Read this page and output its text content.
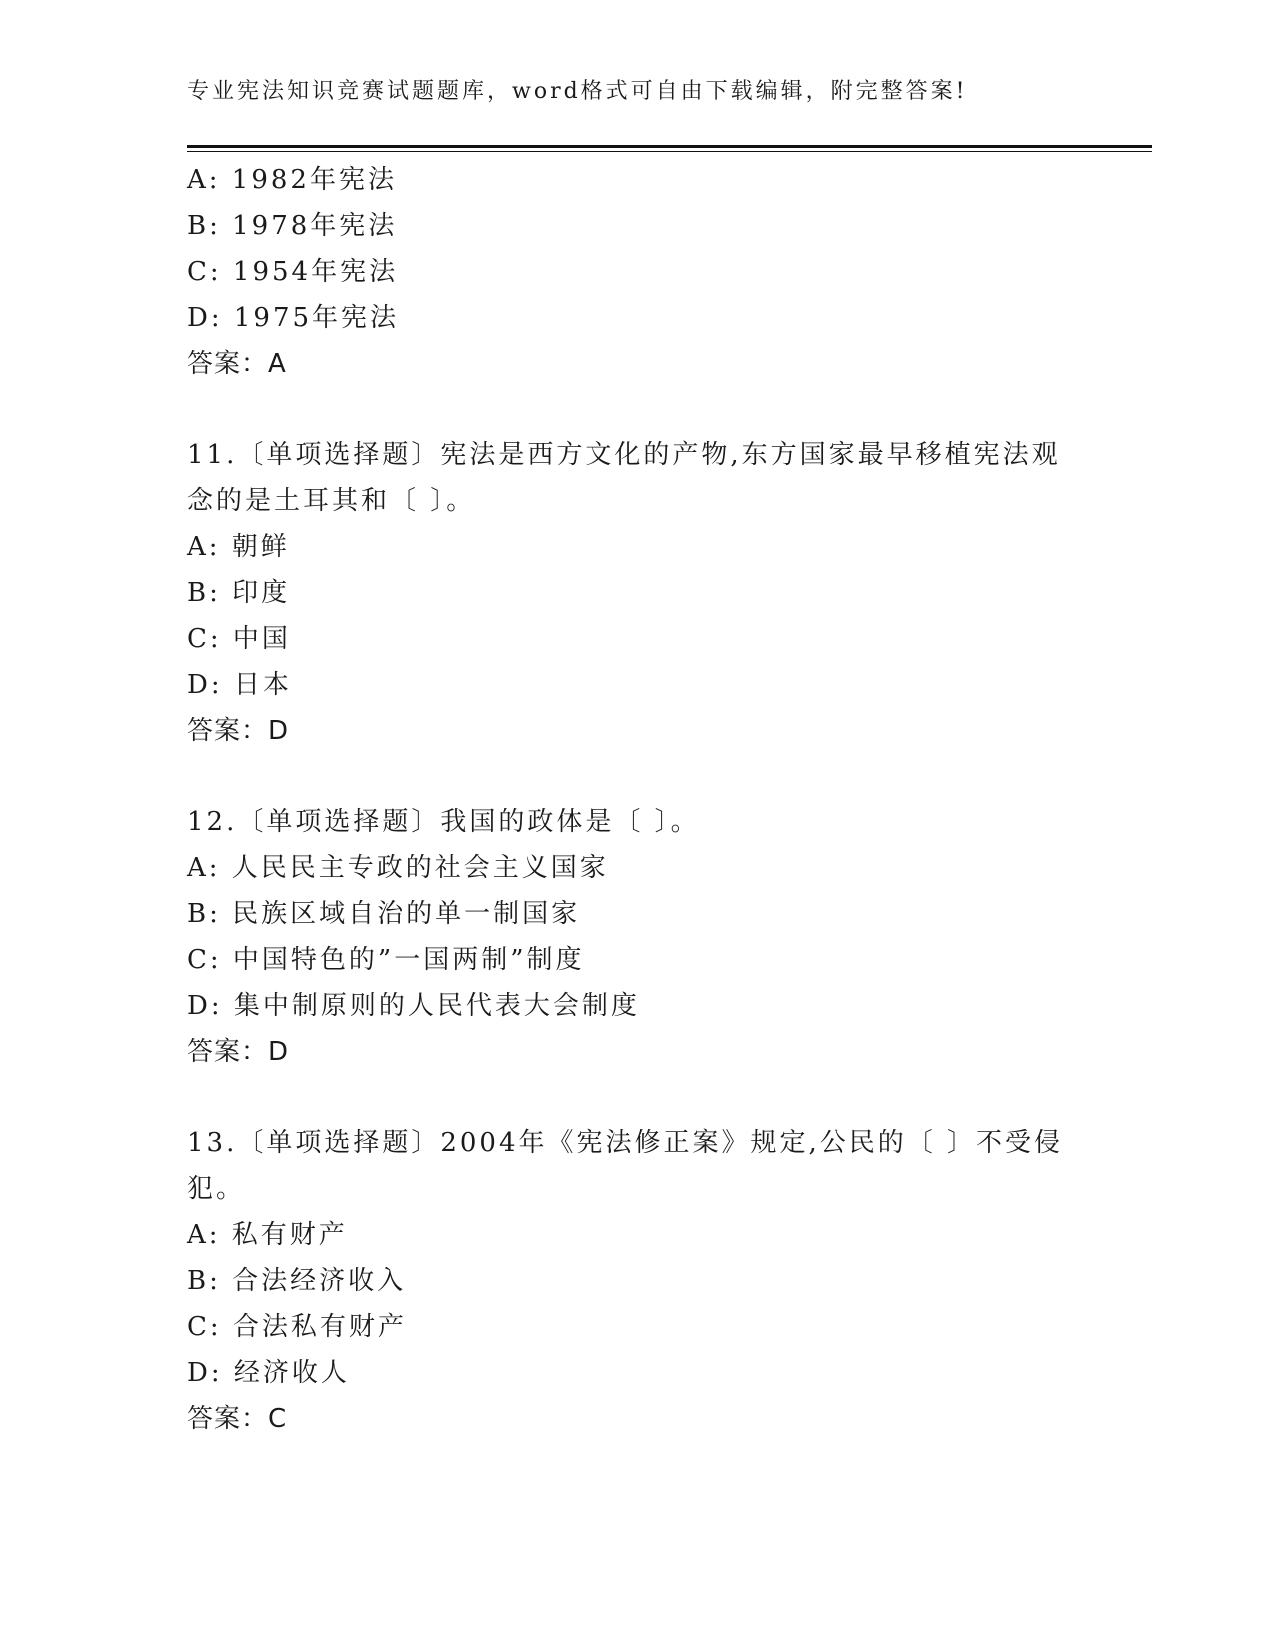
专业宪法知识竞赛试题题库，word格式可自由下载编辑，附完整答案!
A: 1982年宪法
B: 1978年宪法
C: 1954年宪法
D: 1975年宪法
答案：A
11.〔单项选择题〕宪法是西方文化的产物,东方国家最早移植宪法观
念的是土耳其和〔 〕。
A: 朝鲜
B: 印度
C: 中国
D: 日本
答案：D
12.〔单项选择题〕我国的政体是〔 〕。
A: 人民民主专政的社会主义国家
B: 民族区域自治的单一制国家
C: 中国特色的”一国两制”制度
D: 集中制原则的人民代表大会制度
答案：D
13.〔单项选择题〕2004年《宪法修正案》规定,公民的〔 〕不受侵
犯。
A: 私有财产
B: 合法经济收入
C: 合法私有财产
D: 经济收人
答案：C
